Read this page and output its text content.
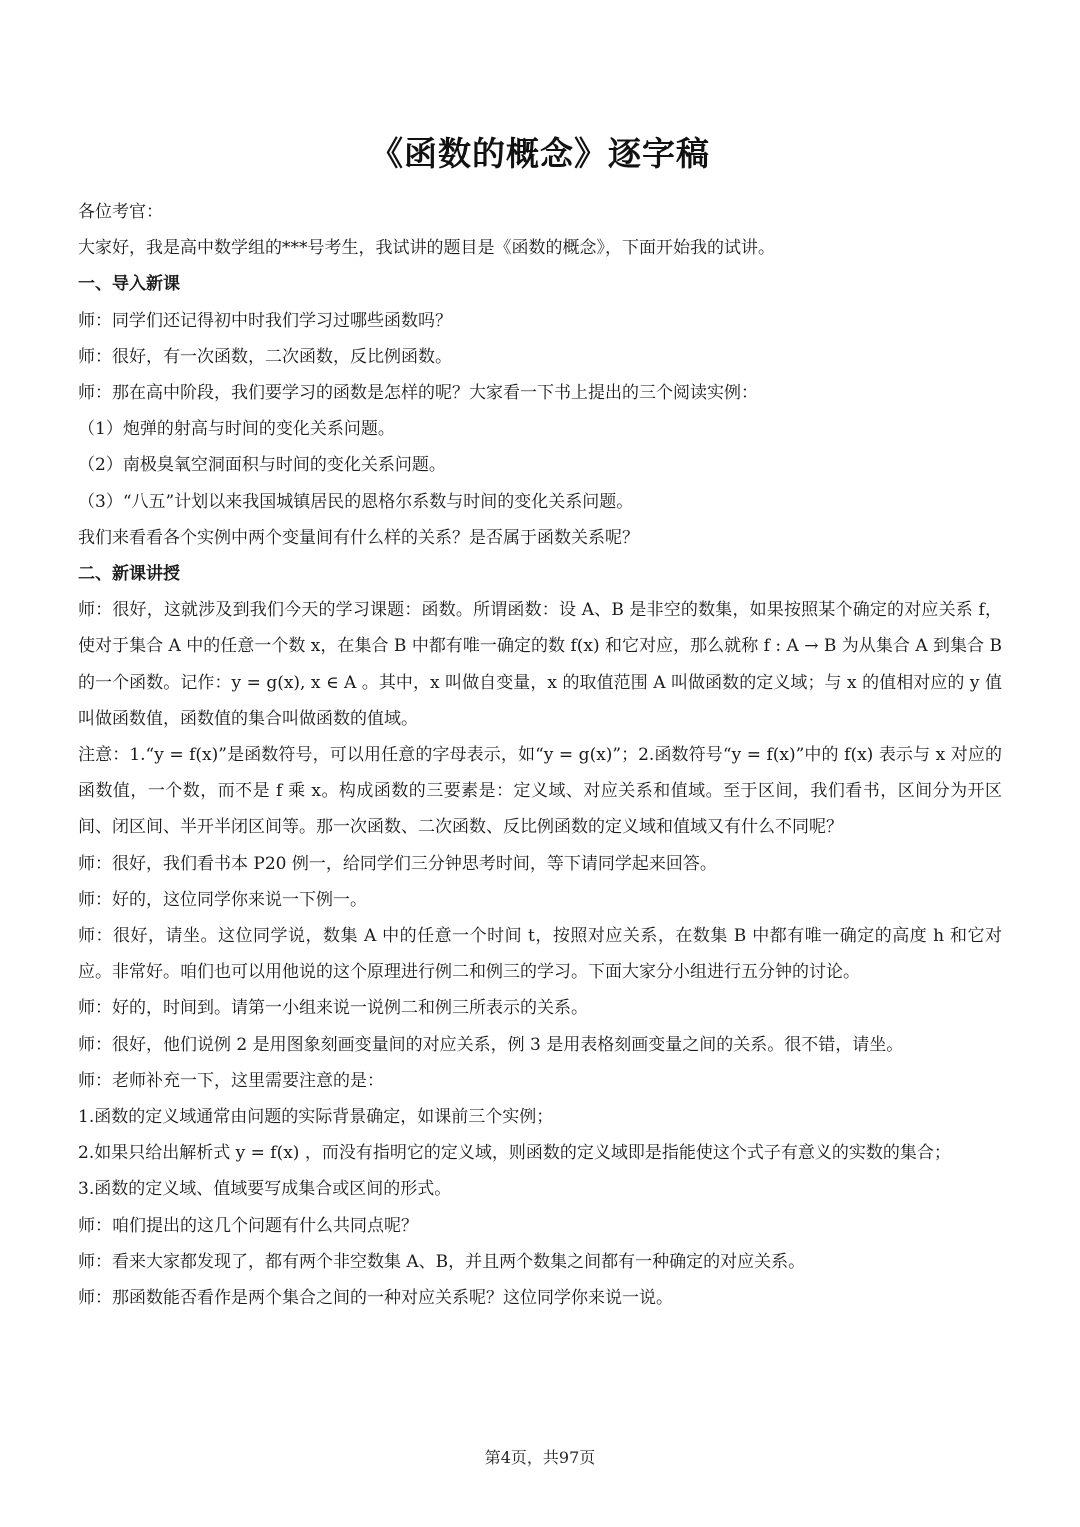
《函数的概念》逐字稿

各位考官：

大家好，我是高中数学组的***号考生，我试讲的题目是《函数的概念》，下面开始我的试讲。

一、导入新课

师：同学们还记得初中时我们学习过哪些函数吗？

师：很好，有一次函数，二次函数，反比例函数。

师：那在高中阶段，我们要学习的函数是怎样的呢？大家看一下书上提出的三个阅读实例：

（1）炮弹的射高与时间的变化关系问题。

（2）南极臭氧空洞面积与时间的变化关系问题。

（3）“八五”计划以来我国城镇居民的恩格尔系数与时间的变化关系问题。

我们来看看各个实例中两个变量间有什么样的关系？是否属于函数关系呢？

二、新课讲授

师：很好，这就涉及到我们今天的学习课题：函数。所谓函数：设 A、B 是非空的数集，如果按照某个确定的对应关系 f，使对于集合 A 中的任意一个数 x，在集合 B 中都有唯一确定的数 f(x) 和它对应，那么就称 f : A → B 为从集合 A 到集合 B 的一个函数。记作：y = g(x), x ∈ A 。其中，x 叫做自变量，x 的取值范围 A 叫做函数的定义域；与 x 的值相对应的 y 值叫做函数值，函数值的集合叫做函数的值域。

注意：1.“y = f(x)”是函数符号，可以用任意的字母表示，如“y = g(x)”；2.函数符号“y = f(x)”中的 f(x) 表示与 x 对应的函数值，一个数，而不是 f 乘 x。构成函数的三要素是：定义域、对应关系和值域。至于区间，我们看书，区间分为开区间、闭区间、半开半闭区间等。那一次函数、二次函数、反比例函数的定义域和值域又有什么不同呢？

师：很好，我们看书本 P20 例一，给同学们三分钟思考时间，等下请同学起来回答。

师：好的，这位同学你来说一下例一。

师：很好，请坐。这位同学说，数集 A 中的任意一个时间 t，按照对应关系，在数集 B 中都有唯一确定的高度 h 和它对应。非常好。咱们也可以用他说的这个原理进行例二和例三的学习。下面大家分小组进行五分钟的讨论。

师：好的，时间到。请第一小组来说一说例二和例三所表示的关系。

师：很好，他们说例 2 是用图象刻画变量间的对应关系，例 3 是用表格刻画变量之间的关系。很不错，请坐。

师：老师补充一下，这里需要注意的是：

1.函数的定义域通常由问题的实际背景确定，如课前三个实例；

2.如果只给出解析式 y = f(x) ，而没有指明它的定义域，则函数的定义域即是指能使这个式子有意义的实数的集合；

3.函数的定义域、值域要写成集合或区间的形式。

师：咱们提出的这几个问题有什么共同点呢？

师：看来大家都发现了，都有两个非空数集 A、B，并且两个数集之间都有一种确定的对应关系。

师：那函数能否看作是两个集合之间的一种对应关系呢？这位同学你来说一说。

第4页，共97页
